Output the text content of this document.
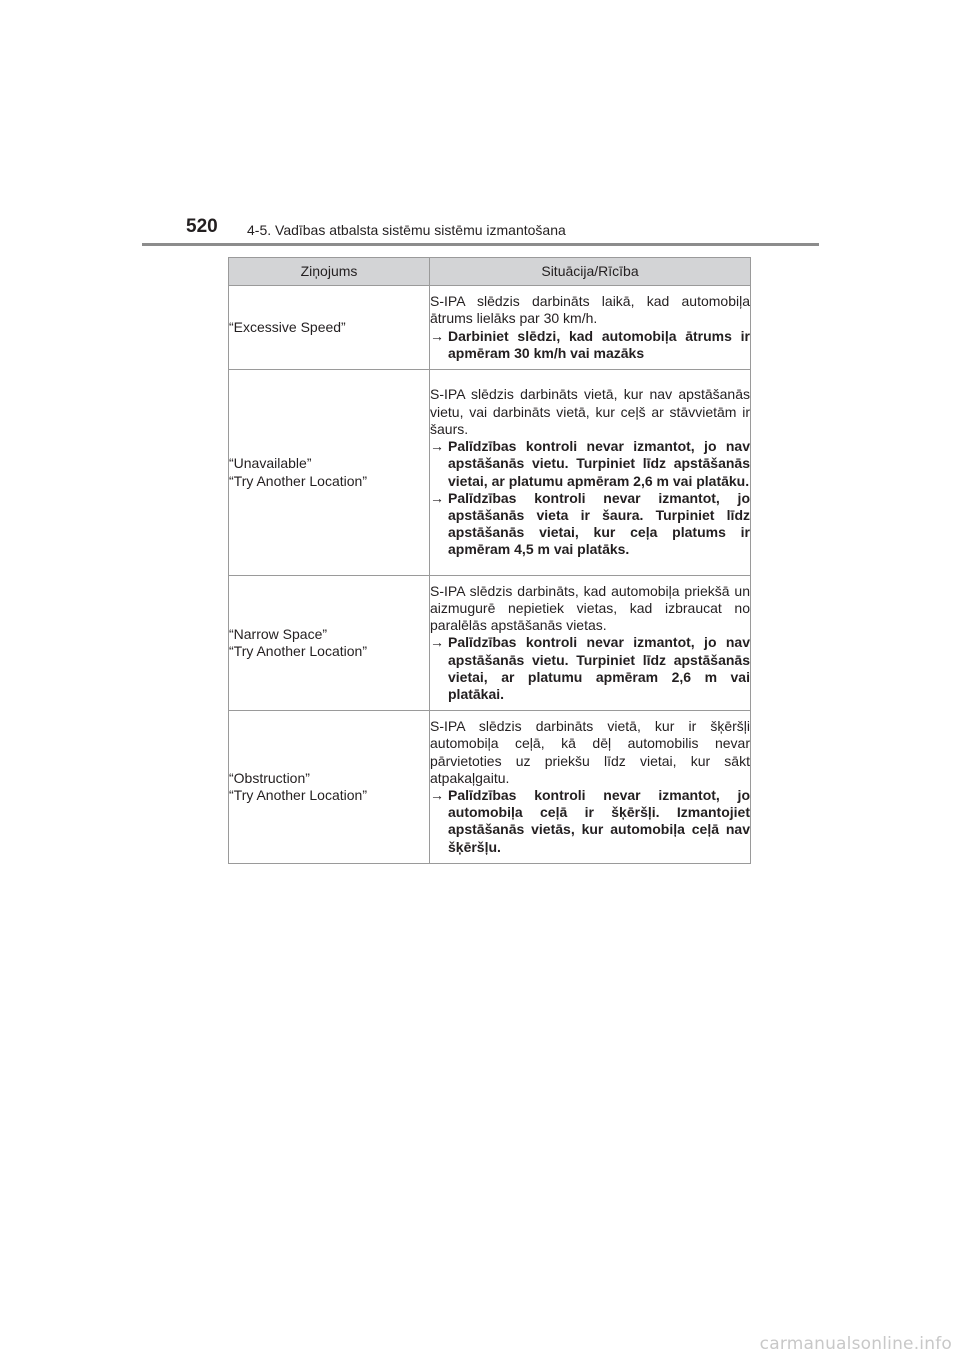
520 4-5. Vadības atbalsta sistēmu sistēmu izmantošana
Ziņojums	Situācija/Rīcība

“Excessive Speed”	S-IPA slēdzis darbināts laikā, kad automobiļa ātrums lielāks par 30 km/h.
→ Darbiniet slēdzi, kad automobiļa ātrums ir apmēram 30 km/h vai mazāks

“Unavailable”
“Try Another Location”	S-IPA slēdzis darbināts vietā, kur nav apstāšanās vietu, vai darbināts vietā, kur ceļš ar stāvvietām ir šaurs.
→ Palīdzības kontroli nevar izmantot, jo nav apstāšanās vietu. Turpiniet līdz apstāšanās vietai, ar platumu apmēram 2,6 m vai platāku.
→ Palīdzības kontroli nevar izmantot, jo apstāšanās vieta ir šaura. Turpiniet līdz apstāšanās vietai, kur ceļa platums ir apmēram 4,5 m vai platāks.

“Narrow Space”
“Try Another Location”	S-IPA slēdzis darbināts, kad automobiļa priekšā un aizmugurē nepietiek vietas, kad izbraucat no paralēlās apstāšanās vietas.
→ Palīdzības kontroli nevar izmantot, jo nav apstāšanās vietu. Turpiniet līdz apstāšanās vietai, ar platumu apmēram 2,6 m vai platākai.

“Obstruction”
“Try Another Location”	S-IPA slēdzis darbināts vietā, kur ir šķēršļi automobiļa ceļā, kā dēļ automobilis nevar pārvietoties uz priekšu līdz vietai, kur sākt atpakaļgaitu.
→ Palīdzības kontroli nevar izmantot, jo automobiļa ceļā ir šķēršļi. Izmantojiet apstāšanās vietās, kur automobiļa ceļā nav šķēršļu.
carmanualsonline.info
